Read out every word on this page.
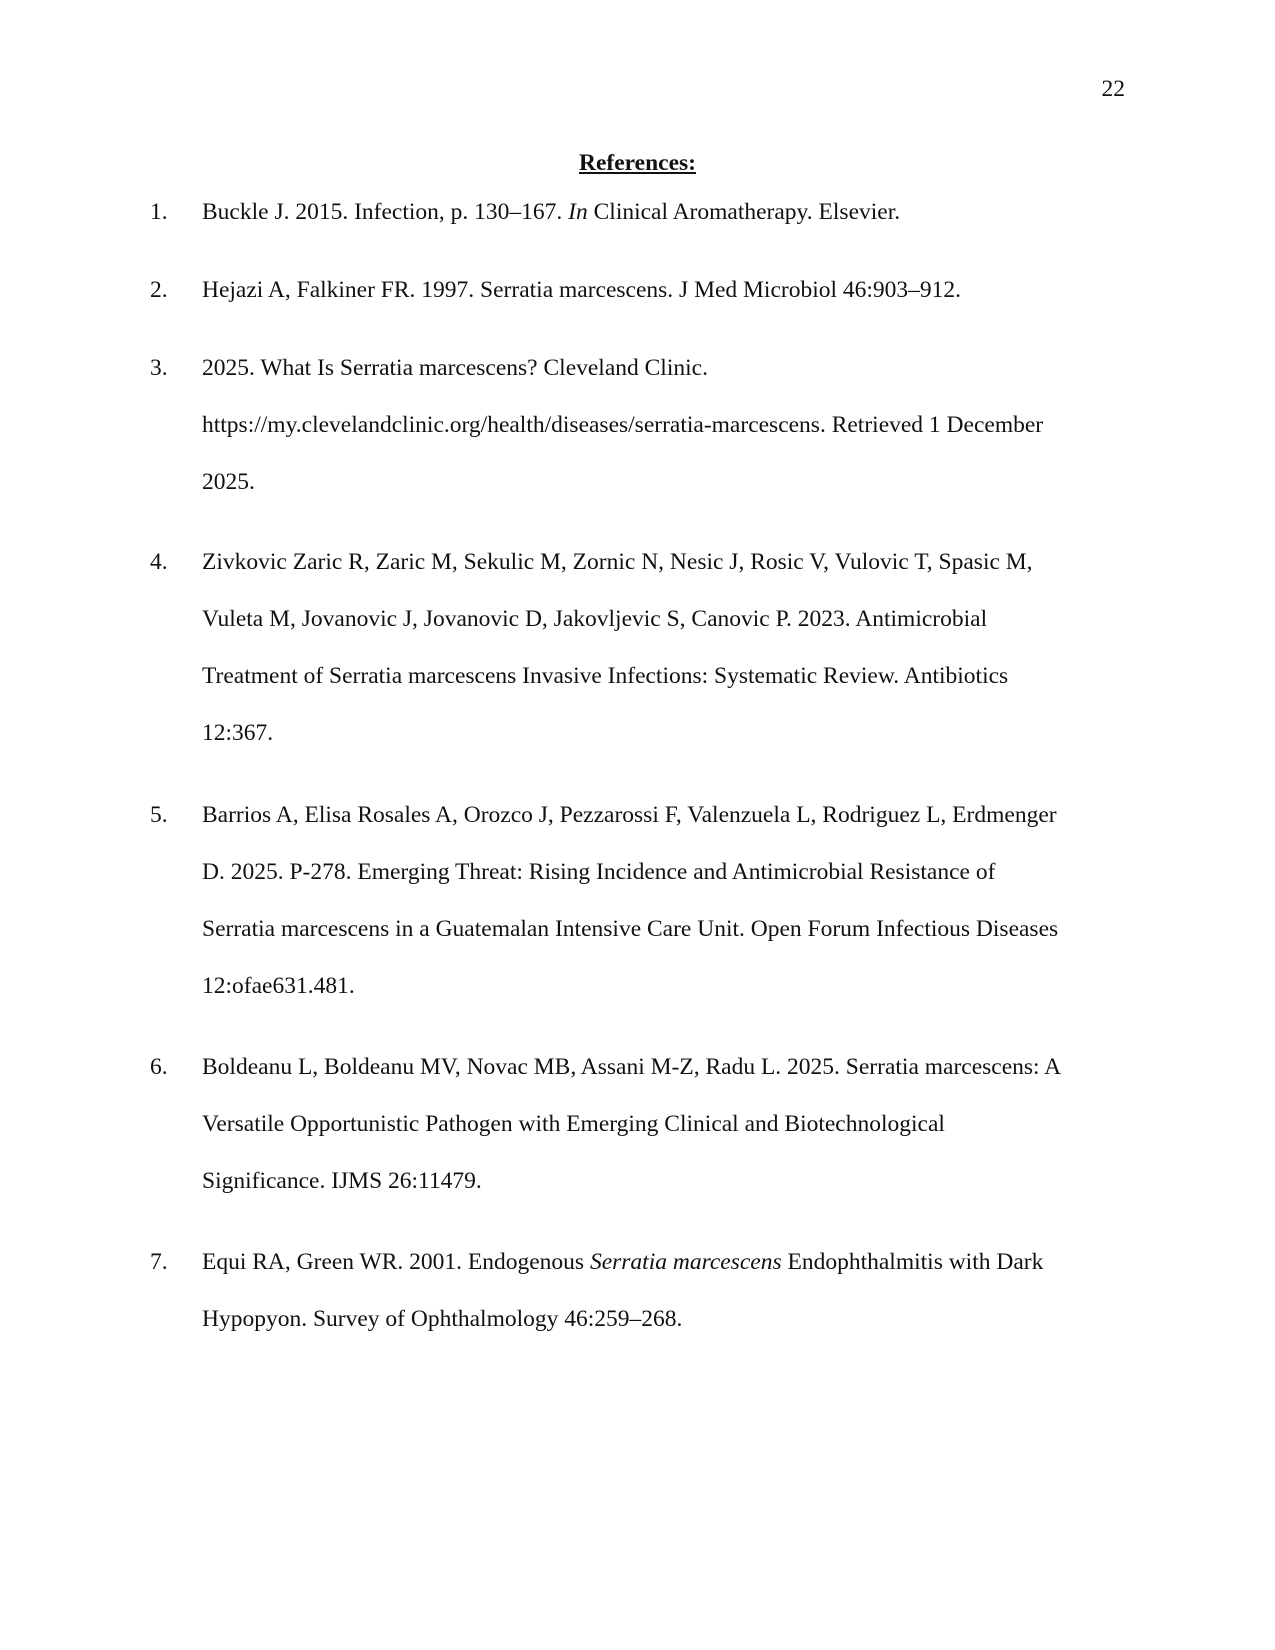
22
References:
1. Buckle J. 2015. Infection, p. 130–167. In Clinical Aromatherapy. Elsevier.
2. Hejazi A, Falkiner FR. 1997. Serratia marcescens. J Med Microbiol 46:903–912.
3. 2025. What Is Serratia marcescens? Cleveland Clinic.
https://my.clevelandclinic.org/health/diseases/serratia-marcescens. Retrieved 1 December
2025.
4. Zivkovic Zaric R, Zaric M, Sekulic M, Zornic N, Nesic J, Rosic V, Vulovic T, Spasic M,
Vuleta M, Jovanovic J, Jovanovic D, Jakovljevic S, Canovic P. 2023. Antimicrobial
Treatment of Serratia marcescens Invasive Infections: Systematic Review. Antibiotics
12:367.
5. Barrios A, Elisa Rosales A, Orozco J, Pezzarossi F, Valenzuela L, Rodriguez L, Erdmenger
D. 2025. P-278. Emerging Threat: Rising Incidence and Antimicrobial Resistance of
Serratia marcescens in a Guatemalan Intensive Care Unit. Open Forum Infectious Diseases
12:ofae631.481.
6. Boldeanu L, Boldeanu MV, Novac MB, Assani M-Z, Radu L. 2025. Serratia marcescens: A
Versatile Opportunistic Pathogen with Emerging Clinical and Biotechnological
Significance. IJMS 26:11479.
7. Equi RA, Green WR. 2001. Endogenous Serratia marcescens Endophthalmitis with Dark
Hypopyon. Survey of Ophthalmology 46:259–268.
